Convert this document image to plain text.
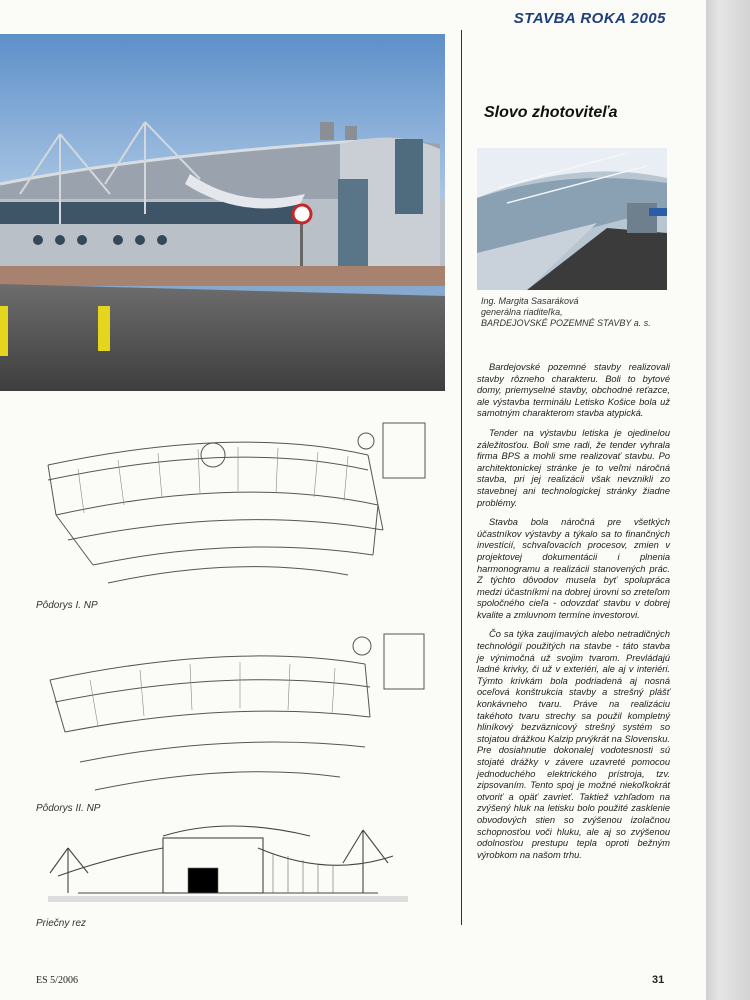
STAVBA ROKA 2005
Pôdorys I. NP
Pôdorys II. NP
Priečny rez
Slovo zhotoviteľa
Ing. Margita Sasaráková
generálna riaditeľka,
BARDEJOVSKÉ POZEMNÉ STAVBY a. s.

Bardejovské pozemné stavby realizovali stavby rôzneho charakteru. Boli to bytové domy, priemyselné stavby, obchodné reťazce, ale výstavba terminálu Letisko Košice bola už samotným charakterom stavba atypická.

Tender na výstavbu letiska je ojedinelou záležitosťou. Boli sme radi, že tender vyhrala firma BPS a mohli sme realizovať stavbu. Po architektonickej stránke je to veľmi náročná stavba, pri jej realizácii však nevznikli zo stavebnej ani technologickej stránky žiadne problémy.

Stavba bola náročná pre všetkých účastníkov výstavby a týkalo sa to finančných investícií, schvaľovacích procesov, zmien v projektovej dokumentácii i plnenia harmonogramu a realizácii stanovených prác. Z týchto dôvodov musela byť spolupráca medzi účastníkmi na dobrej úrovni so zreteľom spoločného cieľa - odovzdať stavbu v dobrej kvalite a zmluvnom termíne investorovi.

Čo sa týka zaujímavých alebo netradičných technológií použitých na stavbe - táto stavba je výnimočná už svojim tvarom. Prevládajú ladné krivky, či už v exteriéri, ale aj v interiéri. Týmto krivkám bola podriadená aj nosná oceľová konštrukcia stavby a strešný plášť konkávneho tvaru. Práve na realizáciu takéhoto tvaru strechy sa použil kompletný hliníkový bezväznicový strešný systém so stojatou drážkou Kalzip prvýkrát na Slovensku. Pre dosiahnutie dokonalej vodotesnosti sú stojaté drážky v závere uzavreté pomocou jednoduchého elektrického prístroja, tzv. zipsovaním. Tento spoj je možné niekoľkokrát otvoriť a opäť zavrieť. Taktiež vzhľadom na zvýšený hluk na letisku bolo použité zasklenie obvodových stien so zvýšenou izolačnou schopnosťou voči hluku, ale aj so zvýšenou odolnosťou prestupu tepla oproti bežným výrobkom na našom trhu.

ES 5/2006	31
